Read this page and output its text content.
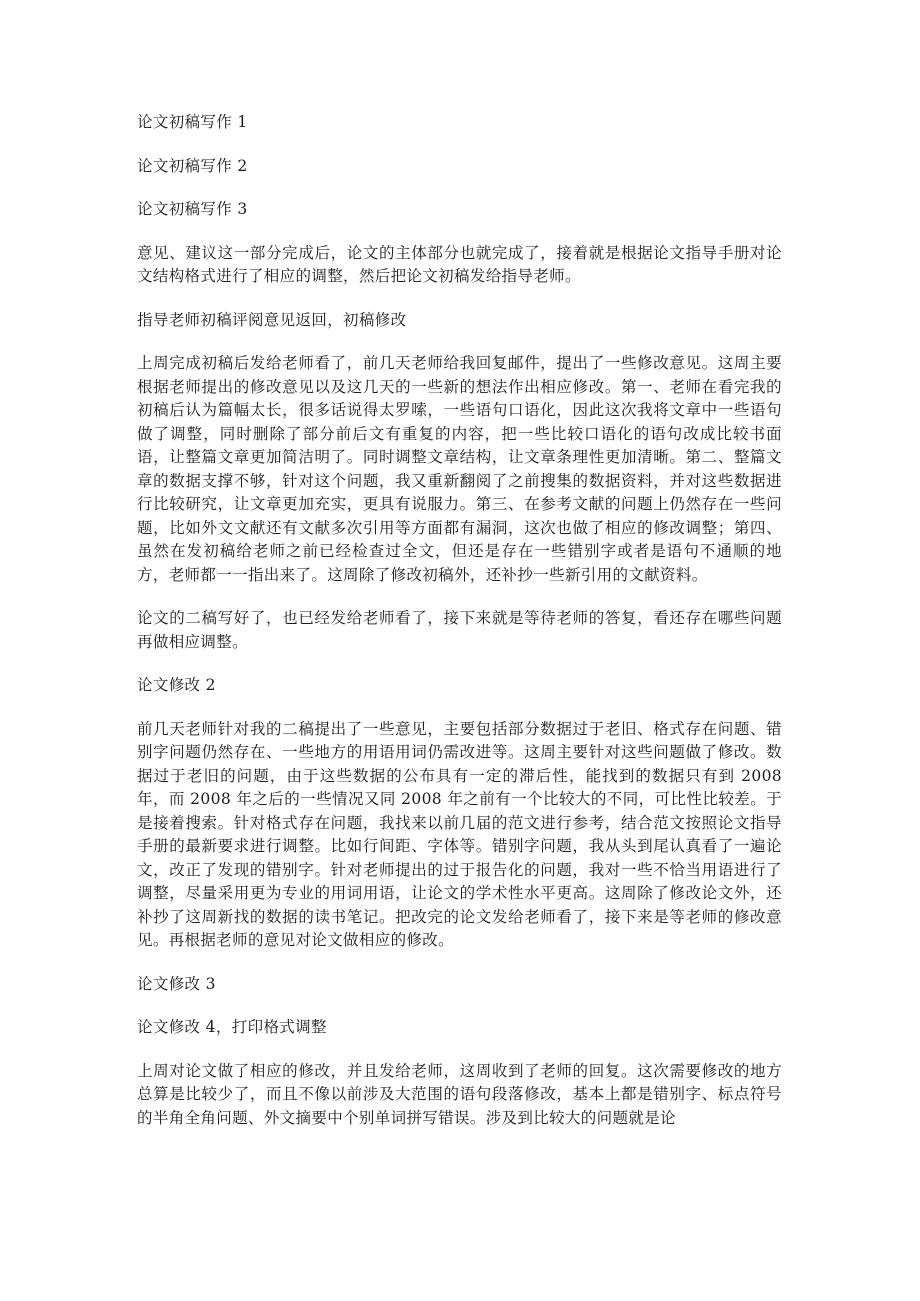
论文初稿写作 1

论文初稿写作 2

论文初稿写作 3

意见、建议这一部分完成后，论文的主体部分也就完成了，接着就是根据论文指导手册对论文结构格式进行了相应的调整，然后把论文初稿发给指导老师。

指导老师初稿评阅意见返回，初稿修改

上周完成初稿后发给老师看了，前几天老师给我回复邮件，提出了一些修改意见。这周主要根据老师提出的修改意见以及这几天的一些新的想法作出相应修改。第一、老师在看完我的初稿后认为篇幅太长，很多话说得太罗嗦，一些语句口语化，因此这次我将文章中一些语句做了调整，同时删除了部分前后文有重复的内容，把一些比较口语化的语句改成比较书面语，让整篇文章更加简洁明了。同时调整文章结构，让文章条理性更加清晰。第二、整篇文章的数据支撑不够，针对这个问题，我又重新翻阅了之前搜集的数据资料，并对这些数据进行比较研究，让文章更加充实，更具有说服力。第三、在参考文献的问题上仍然存在一些问题，比如外文文献还有文献多次引用等方面都有漏洞，这次也做了相应的修改调整；第四、虽然在发初稿给老师之前已经检查过全文，但还是存在一些错别字或者是语句不通顺的地方，老师都一一指出来了。这周除了修改初稿外，还补抄一些新引用的文献资料。

论文的二稿写好了，也已经发给老师看了，接下来就是等待老师的答复，看还存在哪些问题再做相应调整。

论文修改 2

前几天老师针对我的二稿提出了一些意见，主要包括部分数据过于老旧、格式存在问题、错别字问题仍然存在、一些地方的用语用词仍需改进等。这周主要针对这些问题做了修改。数据过于老旧的问题，由于这些数据的公布具有一定的滞后性，能找到的数据只有到 2008 年，而 2008 年之后的一些情况又同 2008 年之前有一个比较大的不同，可比性比较差。于是接着搜索。针对格式存在问题，我找来以前几届的范文进行参考，结合范文按照论文指导手册的最新要求进行调整。比如行间距、字体等。错别字问题，我从头到尾认真看了一遍论文，改正了发现的错别字。针对老师提出的过于报告化的问题，我对一些不恰当用语进行了调整，尽量采用更为专业的用词用语，让论文的学术性水平更高。这周除了修改论文外，还补抄了这周新找的数据的读书笔记。把改完的论文发给老师看了，接下来是等老师的修改意见。再根据老师的意见对论文做相应的修改。

论文修改 3

论文修改 4，打印格式调整

上周对论文做了相应的修改，并且发给老师，这周收到了老师的回复。这次需要修改的地方总算是比较少了，而且不像以前涉及大范围的语句段落修改，基本上都是错别字、标点符号的半角全角问题、外文摘要中个别单词拼写错误。涉及到比较大的问题就是论
